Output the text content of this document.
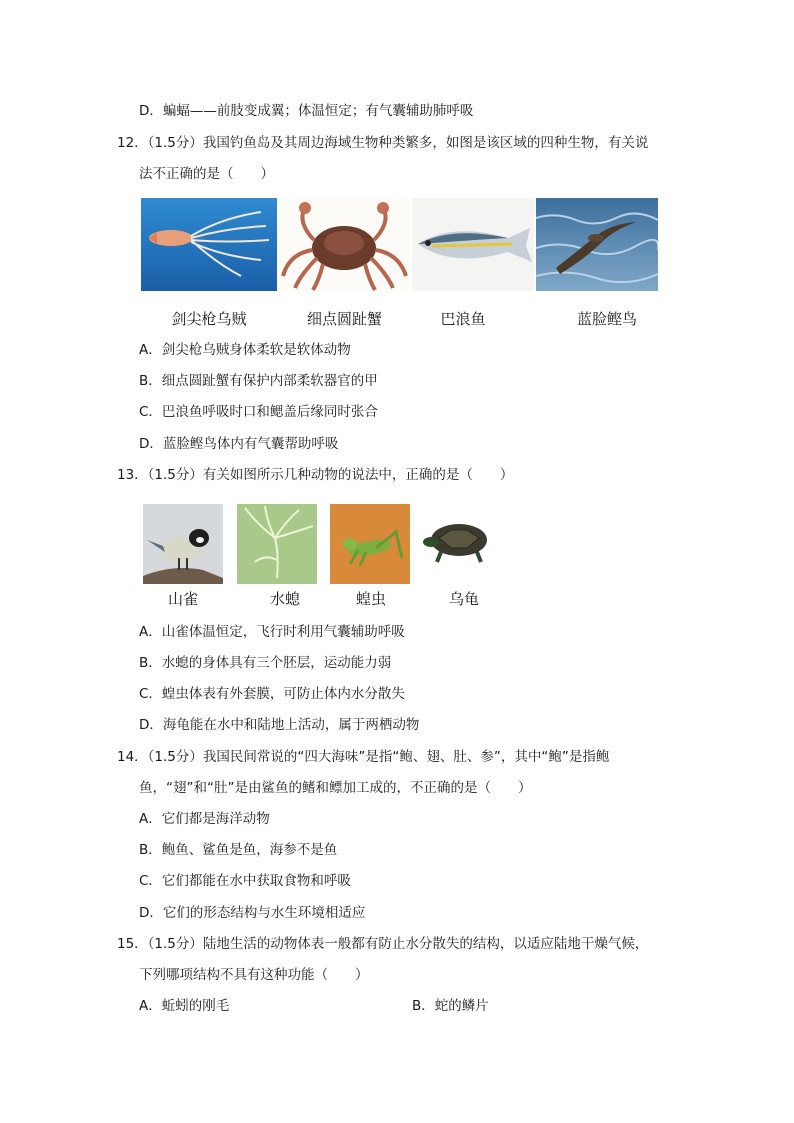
D．蝙蝠——前肢变成翼；体温恒定；有气囊辅助肺呼吸
12．（1.5分）我国钓鱼岛及其周边海域生物种类繁多，如图是该区域的四种生物，有关说
法不正确的是（　　）
剑尖枪乌贼	细点圆趾蟹	巴浪鱼	蓝脸鲣鸟
A．剑尖枪乌贼身体柔软是软体动物
B．细点圆趾蟹有保护内部柔软器官的甲
C．巴浪鱼呼吸时口和鳃盖后缘同时张合
D．蓝脸鲣鸟体内有气囊帮助呼吸
13．（1.5分）有关如图所示几种动物的说法中，正确的是（　　）
山雀	水螅	蝗虫	乌龟
A．山雀体温恒定，飞行时利用气囊辅助呼吸
B．水螅的身体具有三个胚层，运动能力弱
C．蝗虫体表有外套膜，可防止体内水分散失
D．海龟能在水中和陆地上活动，属于两栖动物
14．（1.5分）我国民间常说的“四大海味”是指“鲍、翅、肚、参”，其中“鲍”是指鲍
鱼，“翅”和“肚”是由鲨鱼的鳍和鳔加工成的，不正确的是（　　）
A．它们都是海洋动物
B．鲍鱼、鲨鱼是鱼，海参不是鱼
C．它们都能在水中获取食物和呼吸
D．它们的形态结构与水生环境相适应
15．（1.5分）陆地生活的动物体表一般都有防止水分散失的结构，以适应陆地干燥气候，
下列哪项结构不具有这种功能（　　）
A．蚯蚓的刚毛	B．蛇的鳞片
